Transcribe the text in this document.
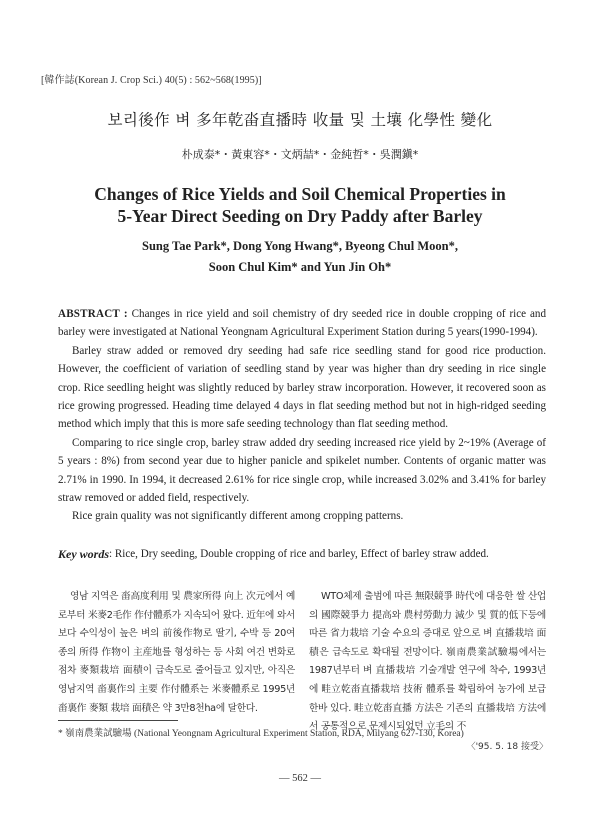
[韓作誌(Korean J. Crop Sci.) 40(5) : 562~568(1995)]
보리後作 벼 多年乾畓直播時 收量 및 土壤 化學性 變化
朴成泰*・黃東容*・文炳喆*・金純哲*・吳潤鎭*
Changes of Rice Yields and Soil Chemical Properties in
5-Year Direct Seeding on Dry Paddy after Barley
Sung Tae Park*, Dong Yong Hwang*, Byeong Chul Moon*,
Soon Chul Kim* and Yun Jin Oh*

ABSTRACT : Changes in rice yield and soil chemistry of dry seeded rice in double cropping of rice and barley were investigated at National Yeongnam Agricultural Experiment Station during 5 years(1990-1994).

Barley straw added or removed dry seeding had safe rice seedling stand for good rice production. However, the coefficient of variation of seedling stand by year was higher than dry seeding in rice single crop. Rice seedling height was slightly reduced by barley straw incorporation. However, it recovered soon as rice growing progressed. Heading time delayed 4 days in flat seeding method but not in high-ridged seeding method which imply that this is more safe seeding technology than flat seeding method.

Comparing to rice single crop, barley straw added dry seeding increased rice yield by 2~19% (Average of 5 years : 8%) from second year due to higher panicle and spikelet number. Contents of organic matter was 2.71% in 1990. In 1994, it decreased 2.61% for rice single crop, while increased 3.02% and 3.41% for barley straw removed or added field, respectively.

Rice grain quality was not significantly different among cropping patterns.

Key words : Rice, Dry seeding, Double cropping of rice and barley, Effect of barley straw added.

영남 지역은 畓高度利用 및 農家所得 向上 次元에서 예로부터 米麥2毛作 作付體系가 지속되어 왔다. 近年에 와서 보다 수익성이 높은 벼의 前後作物로 딸기, 수박 등 20여종의 所得 作物이 主産地를 형성하는 등 사회 여건 변화로 점차 麥類栽培 面積이 급속도로 줄어들고 있지만, 아직은 영남지역 畓裏作의 主要 作付體系는 米麥體系로 1995년 畓裏作 麥類 栽培 面積은 약 3만8천ha에 달한다.

WTO체제 출범에 따른 無限競爭 時代에 대응한 쌀 산업의 國際競爭力 提高와 農村勞動力 減少 및 質的低下등에 따른 省力栽培 기술 수요의 증대로 앞으로 벼 直播栽培 面積은 급속도로 확대될 전망이다. 嶺南農業試驗場에서는 1987년부터 벼 直播栽培 기술개발 연구에 착수, 1993년에 畦立乾畓直播栽培 技術 體系를 확립하여 농가에 보급한바 있다. 畦立乾畓直播 方法은 기존의 直播栽培 方法에서 공통적으로 문제시되었던 立毛의 不

* 嶺南農業試驗場 (National Yeongnam Agricultural Experiment Station, RDA, Milyang 627-130, Korea)
〈'95. 5. 18 接受〉
— 562 —
